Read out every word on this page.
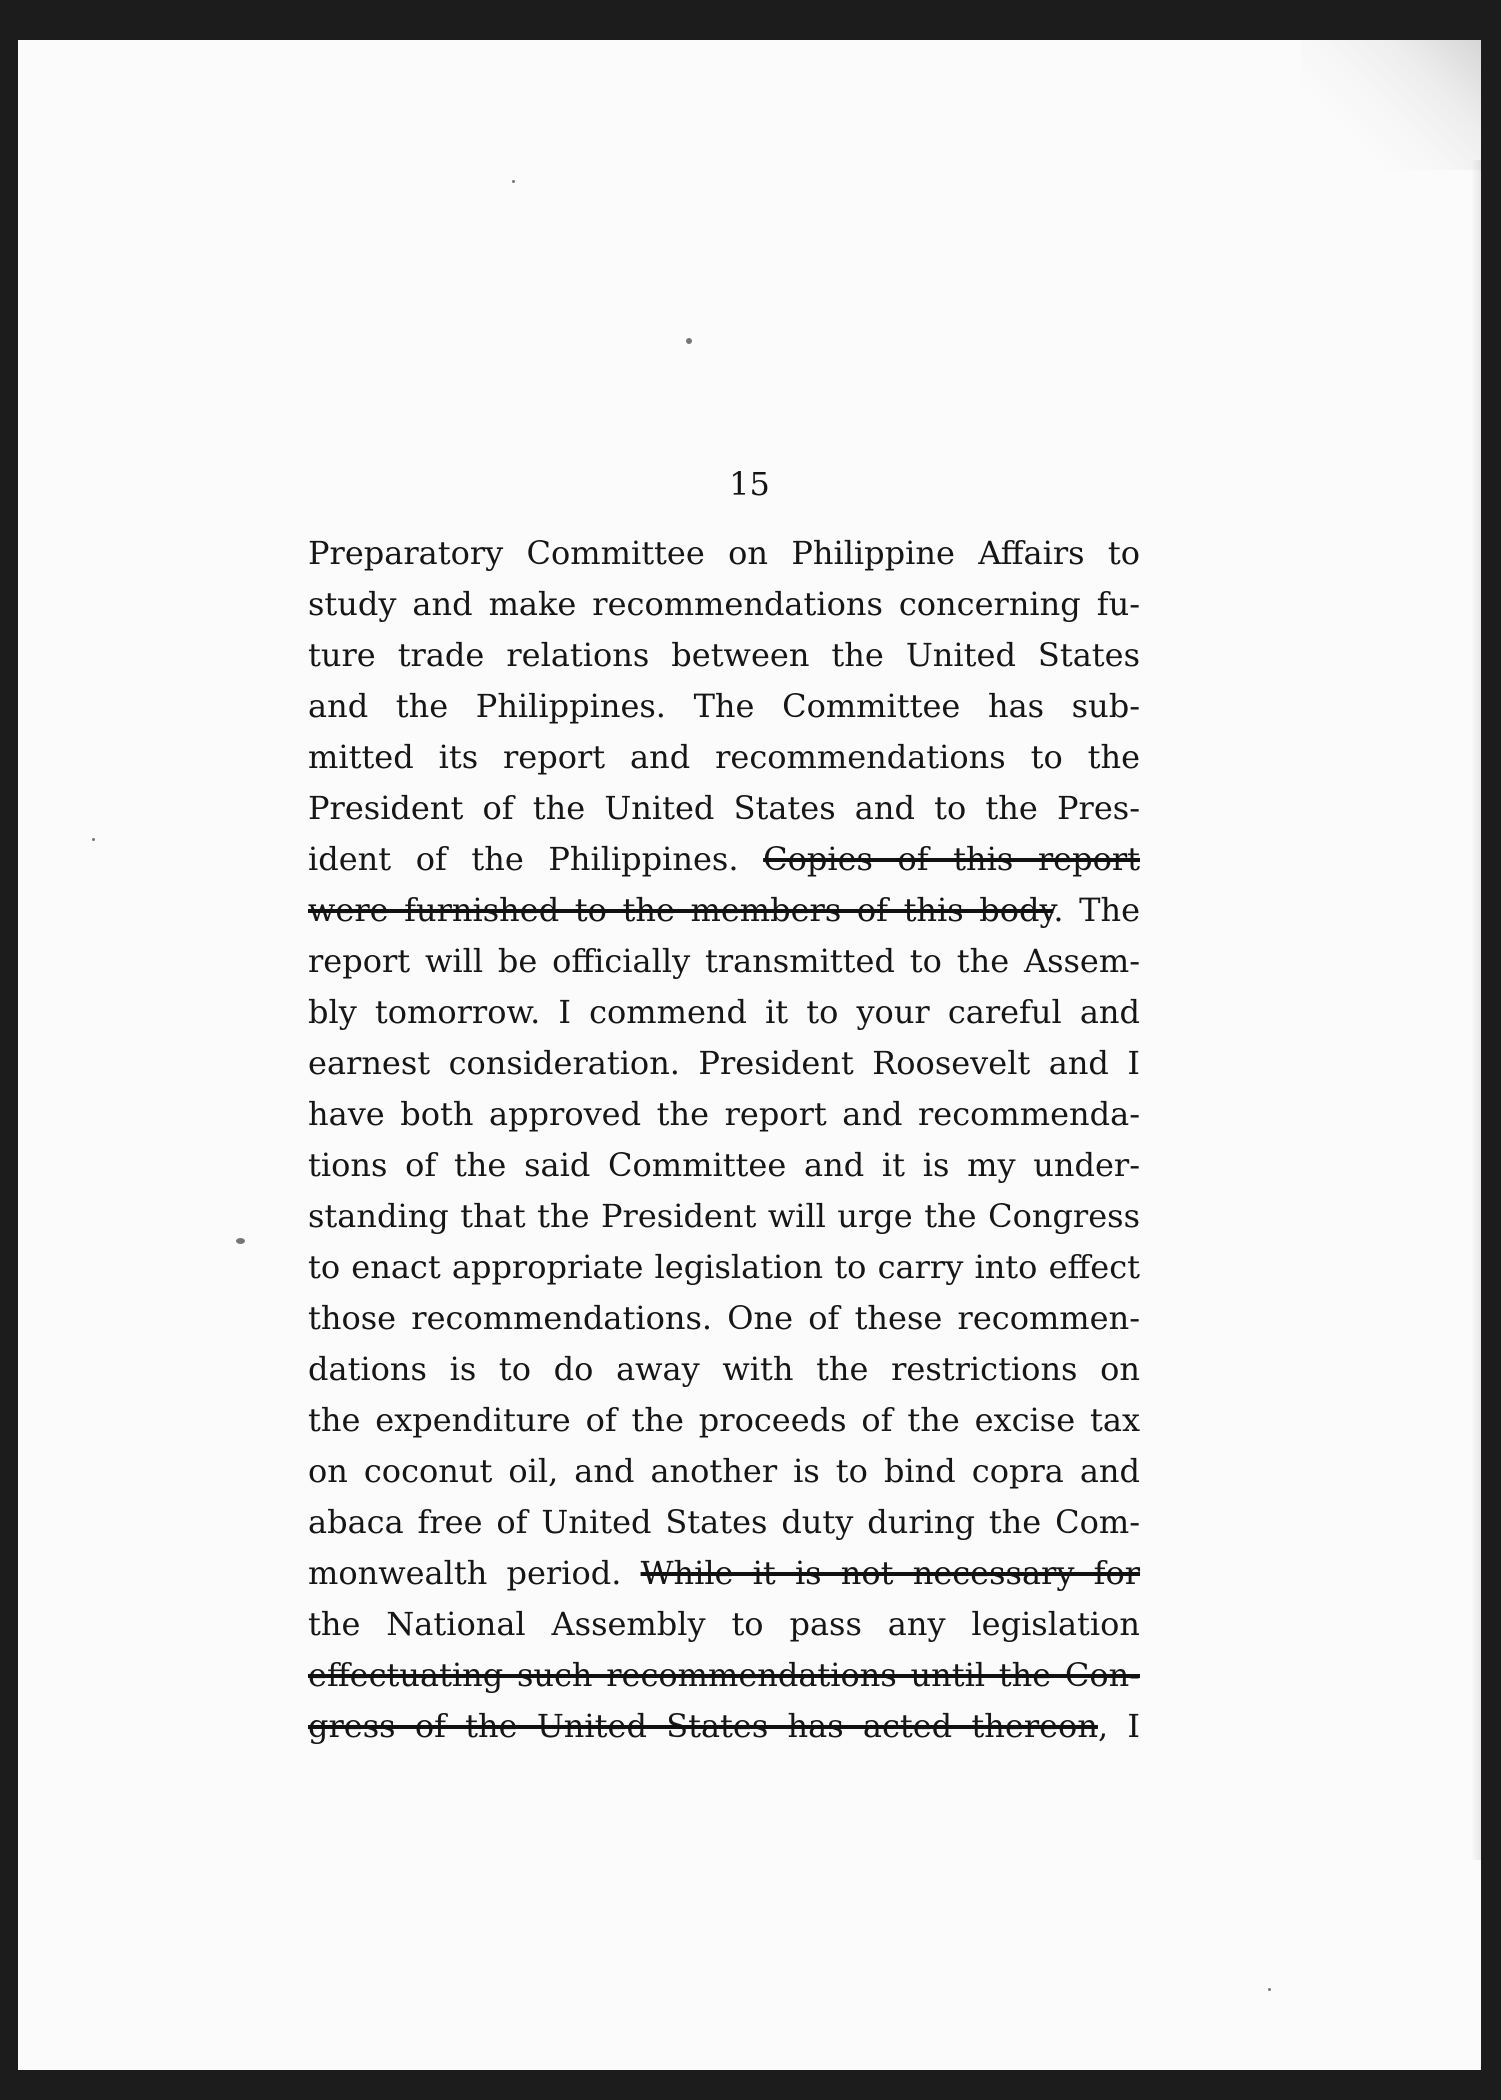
15
Preparatory Committee on Philippine Affairs to
study and make recommendations concerning fu-
ture trade relations between the United States
and the Philippines. The Committee has sub-
mitted its report and recommendations to the
President of the United States and to the Pres-
ident of the Philippines. Copies of this report
were furnished to the members of this body. The
report will be officially transmitted to the Assem-
bly tomorrow. I commend it to your careful and
earnest consideration. President Roosevelt and I
have both approved the report and recommenda-
tions of the said Committee and it is my under-
standing that the President will urge the Congress
to enact appropriate legislation to carry into effect
those recommendations. One of these recommen-
dations is to do away with the restrictions on
the expenditure of the proceeds of the excise tax
on coconut oil, and another is to bind copra and
abaca free of United States duty during the Com-
monwealth period. While it is not necessary for
the National Assembly to pass any legislation
effectuating such recommendations until the Con-
gress of the United States has acted thereon, I
